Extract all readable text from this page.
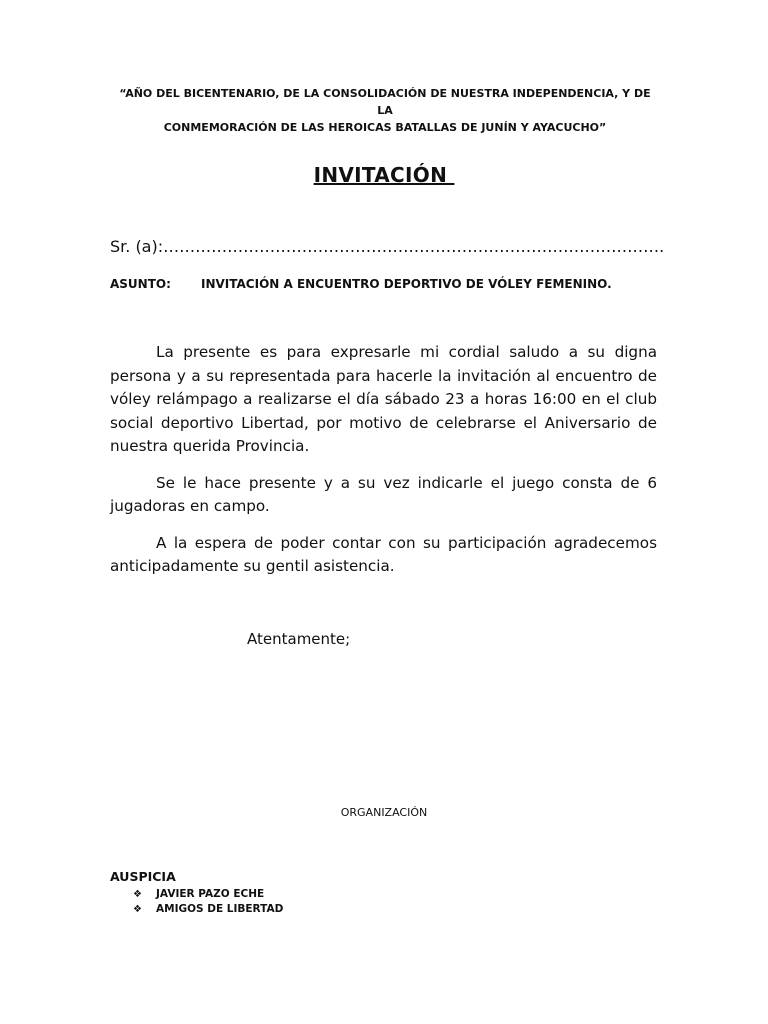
“AÑO DEL BICENTENARIO, DE LA CONSOLIDACIÓN DE NUESTRA INDEPENDENCIA, Y DE LA
CONMEMORACIÓN DE LAS HEROICAS BATALLAS DE JUNÍN Y AYACUCHO”
INVITACIÓN
Sr. (a):………………………………………………………………………………….
ASUNTO:	INVITACIÓN A ENCUENTRO DEPORTIVO DE VÓLEY FEMENINO.

La presente es para expresarle mi cordial saludo a su digna persona y a su representada para hacerle la invitación al encuentro de vóley relámpago a realizarse el día sábado 23 a horas 16:00 en el club social deportivo Libertad, por motivo de celebrarse el Aniversario de nuestra querida Provincia.

Se le hace presente y a su vez indicarle el juego consta de 6 jugadoras en campo.

A la espera de poder contar con su participación agradecemos anticipadamente su gentil asistencia.

Atentamente;
ORGANIZACIÓN
AUSPICIA
❖ JAVIER PAZO ECHE
❖ AMIGOS DE LIBERTAD
